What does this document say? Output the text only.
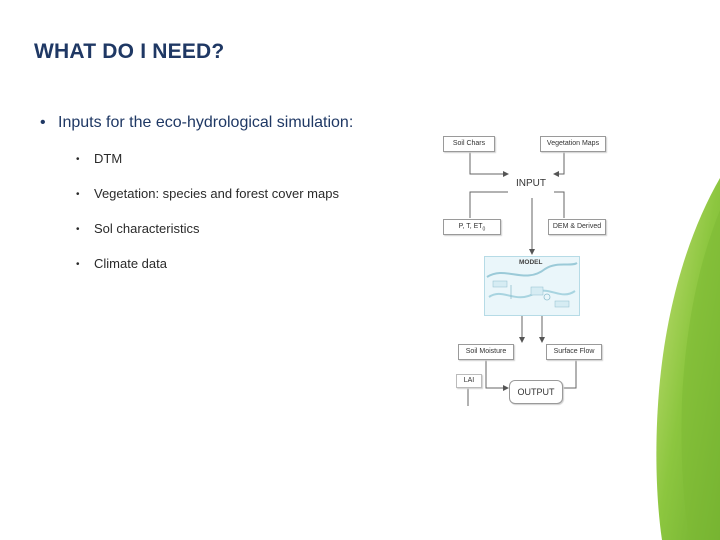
WHAT DO I NEED?
• Inputs for the eco-hydrological simulation:
• DTM
• Vegetation: species and forest cover maps
• Sol characteristics
• Climate data
Soil Chars	Vegetation Maps
INPUT
P, T, $ET_0$	DEM & Derived
MODEL
Soil Moisture	Surface Flow
LAI
OUTPUT
